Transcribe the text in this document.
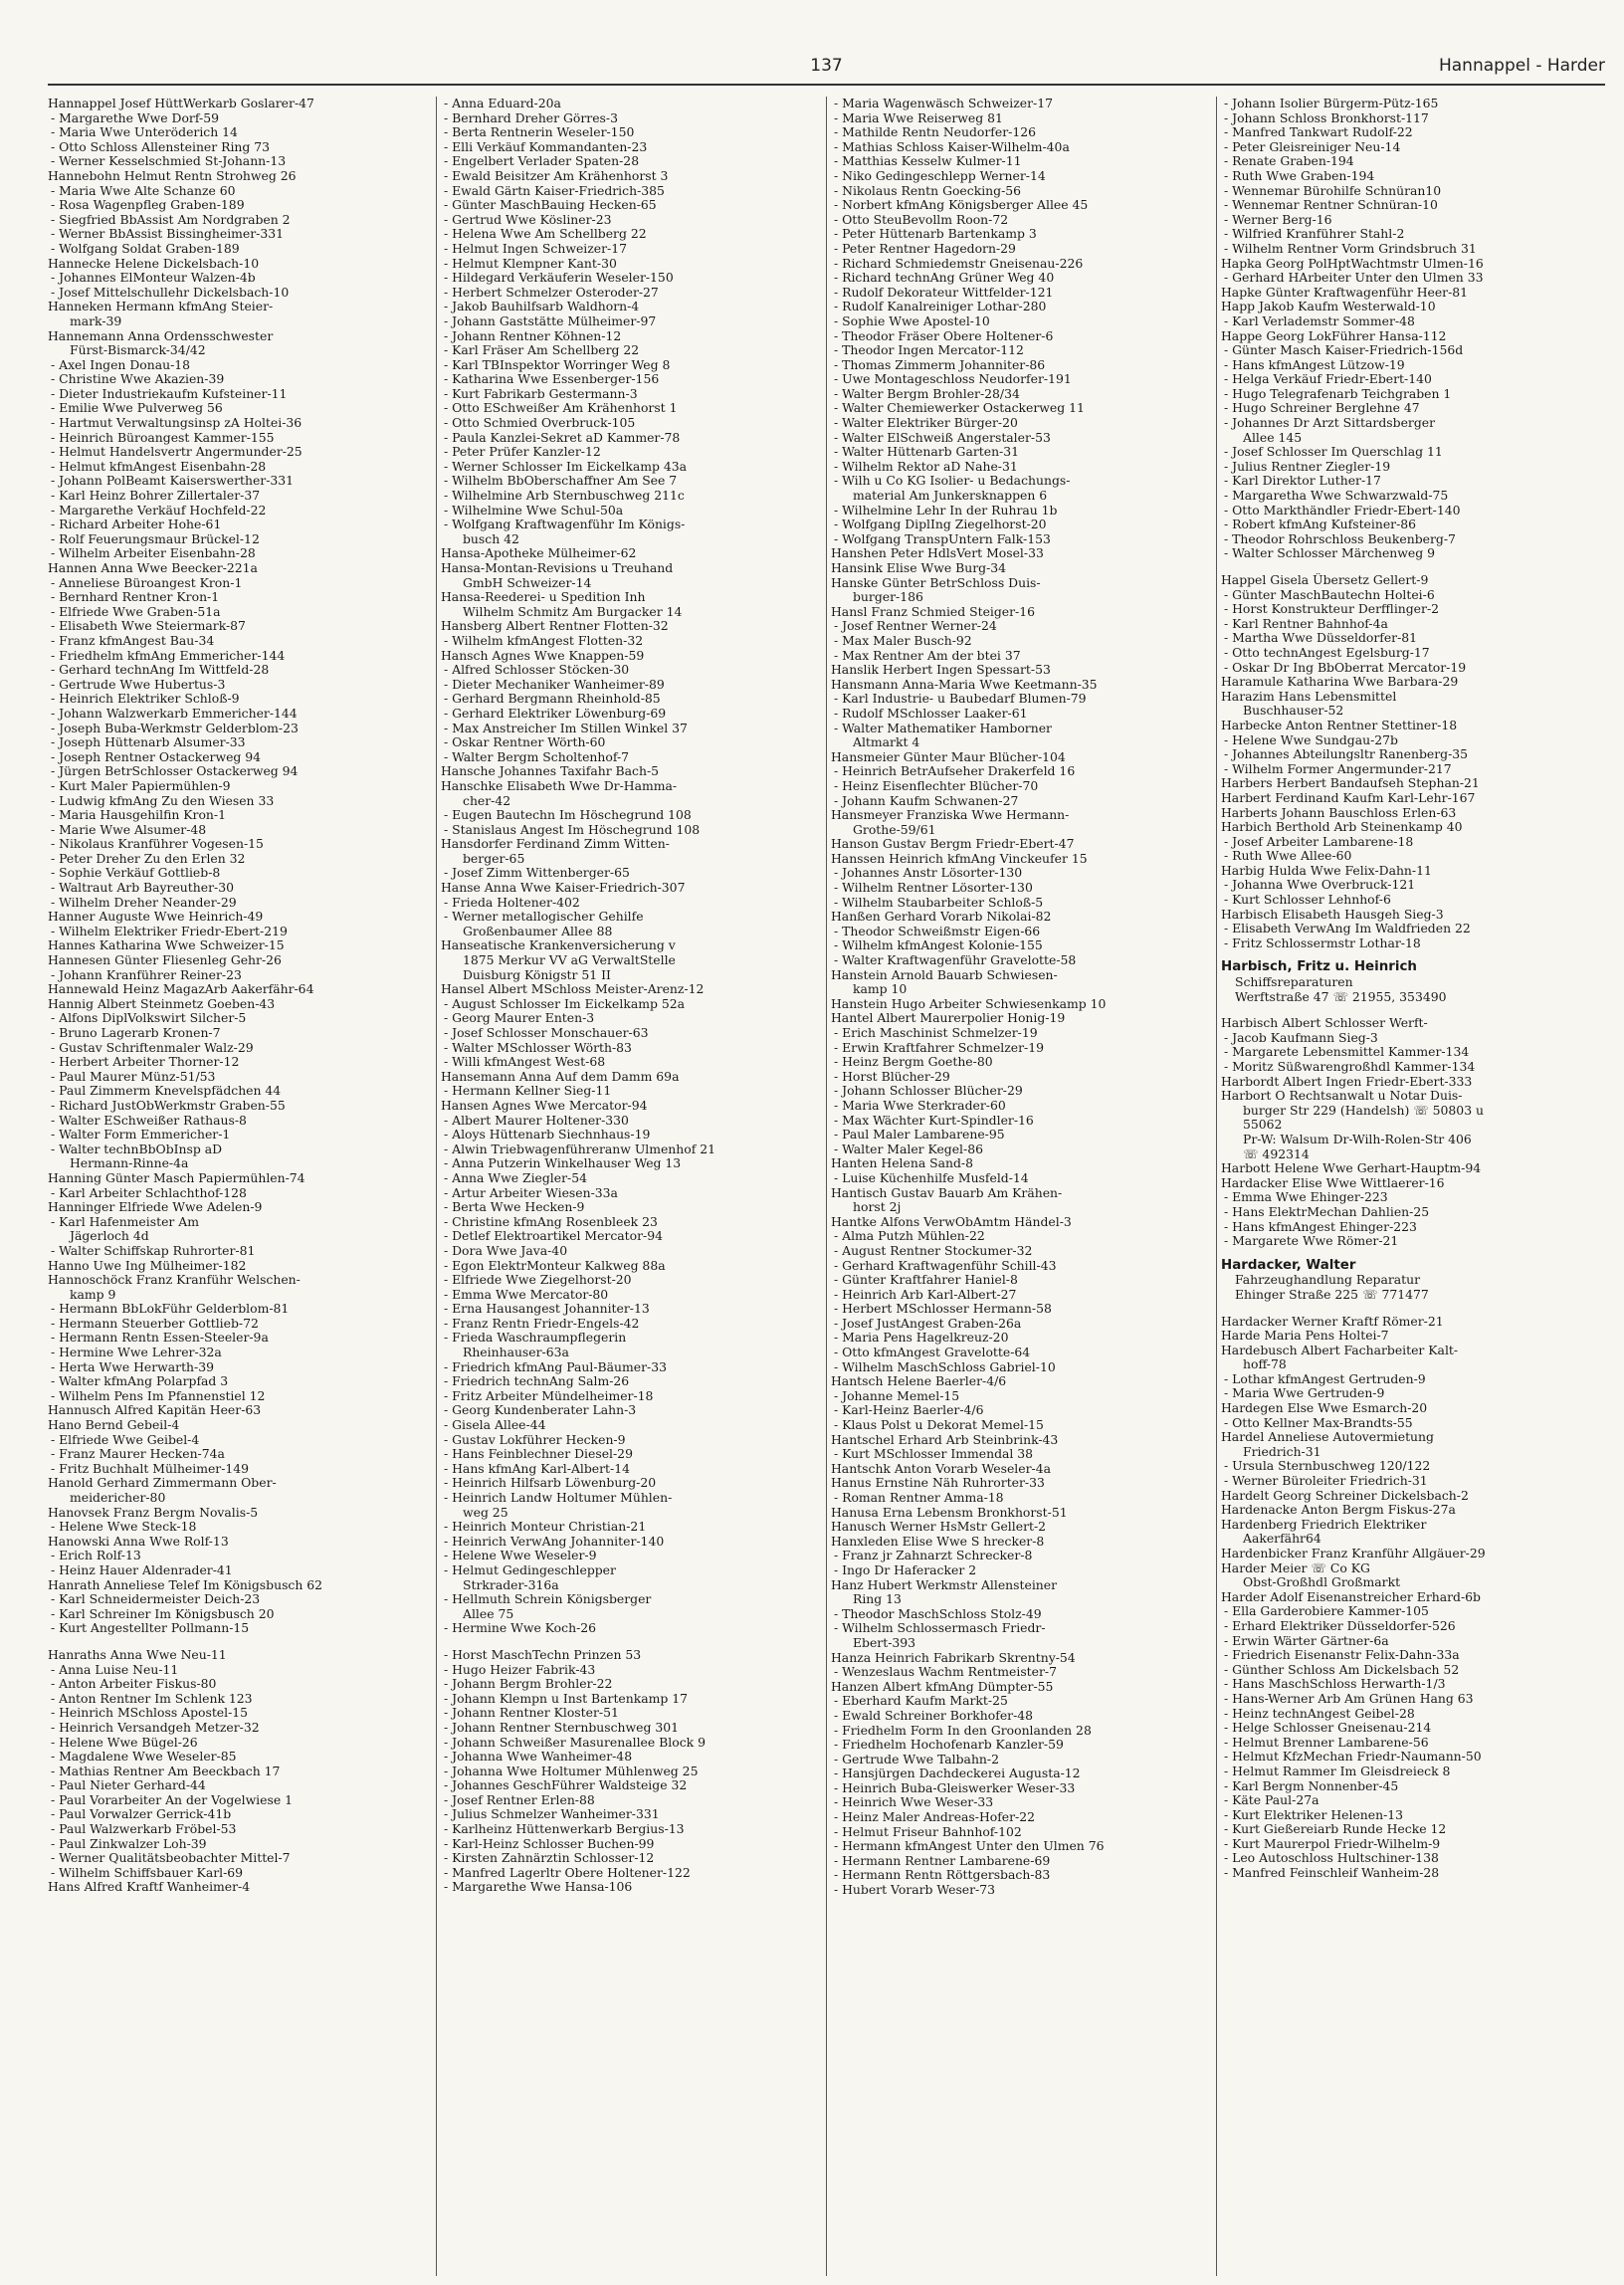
137	Hannappel - Harder
Hannappel Josef HüttWerkarb Goslarer-47
- Margarethe Wwe Dorf-59
- Maria Wwe Unteröderich 14
- Otto Schloss Allensteiner Ring 73
- Werner Kesselschmied St-Johann-13
Hannebohn Helmut Rentn Strohweg 26
- Maria Wwe Alte Schanze 60
- Rosa Wagenpfleg Graben-189
- Siegfried BbAssist Am Nordgraben 2
- Werner BbAssist Bissingheimer-331
- Wolfgang Soldat Graben-189
Hannecke Helene Dickelsbach-10
- Johannes ElMonteur Walzen-4b
- Josef Mittelschullehr Dickelsbach-10
Hanneken Hermann kfmAng Steier-
mark-39
Hannemann Anna Ordensschwester
Fürst-Bismarck-34/42
- Axel Ingen Donau-18
- Christine Wwe Akazien-39
- Dieter Industriekaufm Kufsteiner-11
- Emilie Wwe Pulverweg 56
- Hartmut Verwaltungsinsp zA Holtei-36
- Heinrich Büroangest Kammer-155
- Helmut Handelsvertr Angermunder-25
- Helmut kfmAngest Eisenbahn-28
- Johann PolBeamt Kaiserswerther-331
- Karl Heinz Bohrer Zillertaler-37
- Margarethe Verkäuf Hochfeld-22
- Richard Arbeiter Hohe-61
- Rolf Feuerungsmaur Brückel-12
- Wilhelm Arbeiter Eisenbahn-28
Hannen Anna Wwe Beecker-221a
- Anneliese Büroangest Kron-1
- Bernhard Rentner Kron-1
- Elfriede Wwe Graben-51a
- Elisabeth Wwe Steiermark-87
- Franz kfmAngest Bau-34
- Friedhelm kfmAng Emmericher-144
- Gerhard technAng Im Wittfeld-28
- Gertrude Wwe Hubertus-3
- Heinrich Elektriker Schloß-9
- Johann Walzwerkarb Emmericher-144
- Joseph Buba-Werkmstr Gelderblom-23
- Joseph Hüttenarb Alsumer-33
- Joseph Rentner Ostackerweg 94
- Jürgen BetrSchlosser Ostackerweg 94
- Kurt Maler Papiermühlen-9
- Ludwig kfmAng Zu den Wiesen 33
- Maria Hausgehilfin Kron-1
- Marie Wwe Alsumer-48
- Nikolaus Kranführer Vogesen-15
- Peter Dreher Zu den Erlen 32
- Sophie Verkäuf Gottlieb-8
- Waltraut Arb Bayreuther-30
- Wilhelm Dreher Neander-29
Hanner Auguste Wwe Heinrich-49
- Wilhelm Elektriker Friedr-Ebert-219
Hannes Katharina Wwe Schweizer-15
Hannesen Günter Fliesenleg Gehr-26
- Johann Kranführer Reiner-23
Hannewald Heinz MagazArb Aakerfähr-64
Hannig Albert Steinmetz Goeben-43
- Alfons DiplVolkswirt Silcher-5
- Bruno Lagerarb Kronen-7
- Gustav Schriftenmaler Walz-29
- Herbert Arbeiter Thorner-12
- Paul Maurer Münz-51/53
- Paul Zimmerm Knevelspfädchen 44
- Richard JustObWerkmstr Graben-55
- Walter ESchweißer Rathaus-8
- Walter Form Emmericher-1
- Walter technBbObInsp aD
Hermann-Rinne-4a
Hanning Günter Masch Papiermühlen-74
- Karl Arbeiter Schlachthof-128
Hanninger Elfriede Wwe Adelen-9
- Karl Hafenmeister Am
Jägerloch 4d
- Walter Schiffskap Ruhrorter-81
Hanno Uwe Ing Mülheimer-182
Hannoschöck Franz Kranführ Welschen-
kamp 9
- Hermann BbLokFühr Gelderblom-81
- Hermann Steuerber Gottlieb-72
- Hermann Rentn Essen-Steeler-9a
- Hermine Wwe Lehrer-32a
- Herta Wwe Herwarth-39
- Walter kfmAng Polarpfad 3
- Wilhelm Pens Im Pfannenstiel 12
Hannusch Alfred Kapitän Heer-63
Hano Bernd Gebeil-4
- Elfriede Wwe Geibel-4
- Franz Maurer Hecken-74a
- Fritz Buchhalt Mülheimer-149
Hanold Gerhard Zimmermann Ober-
meidericher-80
Hanovsek Franz Bergm Novalis-5
- Helene Wwe Steck-18
Hanowski Anna Wwe Rolf-13
- Erich Rolf-13
- Heinz Hauer Aldenrader-41
Hanrath Anneliese Telef Im Königsbusch 62
- Karl Schneidermeister Deich-23
- Karl Schreiner Im Königsbusch 20
- Kurt Angestellter Pollmann-15
Hanraths Anna Wwe Neu-11
- Anna Luise Neu-11
- Anton Arbeiter Fiskus-80
- Anton Rentner Im Schlenk 123
- Heinrich MSchloss Apostel-15
- Heinrich Versandgeh Metzer-32
- Helene Wwe Bügel-26
- Magdalene Wwe Weseler-85
- Mathias Rentner Am Beeckbach 17
- Paul Nieter Gerhard-44
- Paul Vorarbeiter An der Vogelwiese 1
- Paul Vorwalzer Gerrick-41b
- Paul Walzwerkarb Fröbel-53
- Paul Zinkwalzer Loh-39
- Werner Qualitätsbeobachter Mittel-7
- Wilhelm Schiffsbauer Karl-69
Hans Alfred Kraftf Wanheimer-4
- Anna Eduard-20a
- Bernhard Dreher Görres-3
- Berta Rentnerin Weseler-150
- Elli Verkäuf Kommandanten-23
- Engelbert Verlader Spaten-28
- Ewald Beisitzer Am Krähenhorst 3
- Ewald Gärtn Kaiser-Friedrich-385
- Günter MaschBauing Hecken-65
- Gertrud Wwe Kösliner-23
- Helena Wwe Am Schellberg 22
- Helmut Ingen Schweizer-17
- Helmut Klempner Kant-30
- Hildegard Verkäuferin Weseler-150
- Herbert Schmelzer Osteroder-27
- Jakob Bauhilfsarb Waldhorn-4
- Johann Gaststätte Mülheimer-97
- Johann Rentner Köhnen-12
- Karl Fräser Am Schellberg 22
- Karl TBInspektor Worringer Weg 8
- Katharina Wwe Essenberger-156
- Kurt Fabrikarb Gestermann-3
- Otto ESchweißer Am Krähenhorst 1
- Otto Schmied Overbruck-105
- Paula Kanzlei-Sekret aD Kammer-78
- Peter Prüfer Kanzler-12
- Werner Schlosser Im Eickelkamp 43a
- Wilhelm BbOberschaffner Am See 7
- Wilhelmine Arb Sternbuschweg 211c
- Wilhelmine Wwe Schul-50a
- Wolfgang Kraftwagenführ Im Königs-
busch 42
Hansa-Apotheke Mülheimer-62
Hansa-Montan-Revisions u Treuhand
GmbH Schweizer-14
Hansa-Reederei- u Spedition Inh
Wilhelm Schmitz Am Burgacker 14
Hansberg Albert Rentner Flotten-32
- Wilhelm kfmAngest Flotten-32
Hansch Agnes Wwe Knappen-59
- Alfred Schlosser Stöcken-30
- Dieter Mechaniker Wanheimer-89
- Gerhard Bergmann Rheinhold-85
- Gerhard Elektriker Löwenburg-69
- Max Anstreicher Im Stillen Winkel 37
- Oskar Rentner Wörth-60
- Walter Bergm Scholtenhof-7
Hansche Johannes Taxifahr Bach-5
Hanschke Elisabeth Wwe Dr-Hamma-
cher-42
- Eugen Bautechn Im Höschegrund 108
- Stanislaus Angest Im Höschegrund 108
Hansdorfer Ferdinand Zimm Witten-
berger-65
- Josef Zimm Wittenberger-65
Hanse Anna Wwe Kaiser-Friedrich-307
- Frieda Holtener-402
- Werner metallogischer Gehilfe
Großenbaumer Allee 88
Hanseatische Krankenversicherung v
1875 Merkur VV aG VerwaltStelle
Duisburg Königstr 51 II
Hansel Albert MSchloss Meister-Arenz-12
- August Schlosser Im Eickelkamp 52a
- Georg Maurer Enten-3
- Josef Schlosser Monschauer-63
- Walter MSchlosser Wörth-83
- Willi kfmAngest West-68
Hansemann Anna Auf dem Damm 69a
- Hermann Kellner Sieg-11
Hansen Agnes Wwe Mercator-94
- Albert Maurer Holtener-330
- Aloys Hüttenarb Siechnhaus-19
- Alwin Triebwagenführeranw Ulmenhof 21
- Anna Putzerin Winkelhauser Weg 13
- Anna Wwe Ziegler-54
- Artur Arbeiter Wiesen-33a
- Berta Wwe Hecken-9
- Christine kfmAng Rosenbleek 23
- Detlef Elektroartikel Mercator-94
- Dora Wwe Java-40
- Egon ElektrMonteur Kalkweg 88a
- Elfriede Wwe Ziegelhorst-20
- Emma Wwe Mercator-80
- Erna Hausangest Johanniter-13
- Franz Rentn Friedr-Engels-42
- Frieda Waschraumpflegerin
Rheinhauser-63a
- Friedrich kfmAng Paul-Bäumer-33
- Friedrich technAng Salm-26
- Fritz Arbeiter Mündelheimer-18
- Georg Kundenberater Lahn-3
- Gisela Allee-44
- Gustav Lokführer Hecken-9
- Hans Feinblechner Diesel-29
- Hans kfmAng Karl-Albert-14
- Heinrich Hilfsarb Löwenburg-20
- Heinrich Landw Holtumer Mühlen-
weg 25
- Heinrich Monteur Christian-21
- Heinrich VerwAng Johanniter-140
- Helene Wwe Weseler-9
- Helmut Gedingeschlepper
Strkrader-316a
- Hellmuth Schrein Königsberger
Allee 75
- Hermine Wwe Koch-26
- Horst MaschTechn Prinzen 53
- Hugo Heizer Fabrik-43
- Johann Bergm Brohler-22
- Johann Klempn u Inst Bartenkamp 17
- Johann Rentner Kloster-51
- Johann Rentner Sternbuschweg 301
- Johann Schweißer Masurenallee Block 9
- Johanna Wwe Wanheimer-48
- Johanna Wwe Holtumer Mühlenweg 25
- Johannes GeschFührer Waldsteige 32
- Josef Rentner Erlen-88
- Julius Schmelzer Wanheimer-331
- Karlheinz Hüttenwerkarb Bergius-13
- Karl-Heinz Schlosser Buchen-99
- Kirsten Zahnärztin Schlosser-12
- Manfred Lagerltr Obere Holtener-122
- Margarethe Wwe Hansa-106
- Maria Wagenwäsch Schweizer-17
- Maria Wwe Reiserweg 81
- Mathilde Rentn Neudorfer-126
- Mathias Schloss Kaiser-Wilhelm-40a
- Matthias Kesselw Kulmer-11
- Niko Gedingeschlepp Werner-14
- Nikolaus Rentn Goecking-56
- Norbert kfmAng Königsberger Allee 45
- Otto SteuBevollm Roon-72
- Peter Hüttenarb Bartenkamp 3
- Peter Rentner Hagedorn-29
- Richard Schmiedemstr Gneisenau-226
- Richard technAng Grüner Weg 40
- Rudolf Dekorateur Wittfelder-121
- Rudolf Kanalreiniger Lothar-280
- Sophie Wwe Apostel-10
- Theodor Fräser Obere Holtener-6
- Theodor Ingen Mercator-112
- Thomas Zimmerm Johanniter-86
- Uwe Montageschloss Neudorfer-191
- Walter Bergm Brohler-28/34
- Walter Chemiewerker Ostackerweg 11
- Walter Elektriker Bürger-20
- Walter ElSchweiß Angerstaler-53
- Walter Hüttenarb Garten-31
- Wilhelm Rektor aD Nahe-31
- Wilh u Co KG Isolier- u Bedachungs-
material Am Junkersknappen 6
- Wilhelmine Lehr In der Ruhrau 1b
- Wolfgang DiplIng Ziegelhorst-20
- Wolfgang TranspUntern Falk-153
Hanshen Peter HdlsVert Mosel-33
Hansink Elise Wwe Burg-34
Hanske Günter BetrSchloss Duis-
burger-186
Hansl Franz Schmied Steiger-16
- Josef Rentner Werner-24
- Max Maler Busch-92
- Max Rentner Am der btei 37
Hanslik Herbert Ingen Spessart-53
Hansmann Anna-Maria Wwe Keetmann-35
- Karl Industrie- u Baubedarf Blumen-79
- Rudolf MSchlosser Laaker-61
- Walter Mathematiker Hamborner
Altmarkt 4
Hansmeier Günter Maur Blücher-104
- Heinrich BetrAufseher Drakerfeld 16
- Heinz Eisenflechter Blücher-70
- Johann Kaufm Schwanen-27
Hansmeyer Franziska Wwe Hermann-
Grothe-59/61
Hanson Gustav Bergm Friedr-Ebert-47
Hanssen Heinrich kfmAng Vinckeufer 15
- Johannes Anstr Lösorter-130
- Wilhelm Rentner Lösorter-130
- Wilhelm Staubarbeiter Schloß-5
Hanßen Gerhard Vorarb Nikolai-82
- Theodor Schweißmstr Eigen-66
- Wilhelm kfmAngest Kolonie-155
- Walter Kraftwagenführ Gravelotte-58
Hanstein Arnold Bauarb Schwiesen-
kamp 10
Hanstein Hugo Arbeiter Schwiesenkamp 10
Hantel Albert Maurerpolier Honig-19
- Erich Maschinist Schmelzer-19
- Erwin Kraftfahrer Schmelzer-19
- Heinz Bergm Goethe-80
- Horst Blücher-29
- Johann Schlosser Blücher-29
- Maria Wwe Sterkrader-60
- Max Wächter Kurt-Spindler-16
- Paul Maler Lambarene-95
- Walter Maler Kegel-86
Hanten Helena Sand-8
- Luise Küchenhilfe Musfeld-14
Hantisch Gustav Bauarb Am Krähen-
horst 2j
Hantke Alfons VerwObAmtm Händel-3
- Alma Putzh Mühlen-22
- August Rentner Stockumer-32
- Gerhard Kraftwagenführ Schill-43
- Günter Kraftfahrer Haniel-8
- Heinrich Arb Karl-Albert-27
- Herbert MSchlosser Hermann-58
- Josef JustAngest Graben-26a
- Maria Pens Hagelkreuz-20
- Otto kfmAngest Gravelotte-64
- Wilhelm MaschSchloss Gabriel-10
Hantsch Helene Baerler-4/6
- Johanne Memel-15
- Karl-Heinz Baerler-4/6
- Klaus Polst u Dekorat Memel-15
Hantschel Erhard Arb Steinbrink-43
- Kurt MSchlosser Immendal 38
Hantschk Anton Vorarb Weseler-4a
Hanus Ernstine Näh Ruhrorter-33
- Roman Rentner Amma-18
Hanusa Erna Lebensm Bronkhorst-51
Hanusch Werner HsMstr Gellert-2
Hanxleden Elise Wwe S hrecker-8
- Franz jr Zahnarzt Schrecker-8
- Ingo Dr Haferacker 2
Hanz Hubert Werkmstr Allensteiner
Ring 13
- Theodor MaschSchloss Stolz-49
- Wilhelm Schlossermasch Friedr-
Ebert-393
Hanza Heinrich Fabrikarb Skrentny-54
- Wenzeslaus Wachm Rentmeister-7
Hanzen Albert kfmAng Dümpter-55
- Eberhard Kaufm Markt-25
- Ewald Schreiner Borkhofer-48
- Friedhelm Form In den Groonlanden 28
- Friedhelm Hochofenarb Kanzler-59
- Gertrude Wwe Talbahn-2
- Hansjürgen Dachdeckerei Augusta-12
- Heinrich Buba-Gleiswerker Weser-33
- Heinrich Wwe Weser-33
- Heinz Maler Andreas-Hofer-22
- Helmut Friseur Bahnhof-102
- Hermann kfmAngest Unter den Ulmen 76
- Hermann Rentner Lambarene-69
- Hermann Rentn Röttgersbach-83
- Hubert Vorarb Weser-73
- Johann Isolier Bürgerm-Pütz-165
- Johann Schloss Bronkhorst-117
- Manfred Tankwart Rudolf-22
- Peter Gleisreiniger Neu-14
- Renate Graben-194
- Ruth Wwe Graben-194
- Wennemar Bürohilfe Schnüran10
- Wennemar Rentner Schnüran-10
- Werner Berg-16
- Wilfried Kranführer Stahl-2
- Wilhelm Rentner Vorm Grindsbruch 31
Hapka Georg PolHptWachtmstr Ulmen-16
- Gerhard HArbeiter Unter den Ulmen 33
Hapke Günter Kraftwagenführ Heer-81
Happ Jakob Kaufm Westerwald-10
- Karl Verlademstr Sommer-48
Happe Georg LokFührer Hansa-112
- Günter Masch Kaiser-Friedrich-156d
- Hans kfmAngest Lützow-19
- Helga Verkäuf Friedr-Ebert-140
- Hugo Telegrafenarb Teichgraben 1
- Hugo Schreiner Berglehne 47
- Johannes Dr Arzt Sittardsberger
Allee 145
- Josef Schlosser Im Querschlag 11
- Julius Rentner Ziegler-19
- Karl Direktor Luther-17
- Margaretha Wwe Schwarzwald-75
- Otto Markthändler Friedr-Ebert-140
- Robert kfmAng Kufsteiner-86
- Theodor Rohrschloss Beukenberg-7
- Walter Schlosser Märchenweg 9
Happel Gisela Übersetz Gellert-9
- Günter MaschBautechn Holtei-6
- Horst Konstrukteur Derfflinger-2
- Karl Rentner Bahnhof-4a
- Martha Wwe Düsseldorfer-81
- Otto technAngest Egelsburg-17
- Oskar Dr Ing BbOberrat Mercator-19
Haramule Katharina Wwe Barbara-29
Harazim Hans Lebensmittel
Buschhauser-52
Harbecke Anton Rentner Stettiner-18
- Helene Wwe Sundgau-27b
- Johannes Abteilungsltr Ranenberg-35
- Wilhelm Former Angermunder-217
Harbers Herbert Bandaufseh Stephan-21
Harbert Ferdinand Kaufm Karl-Lehr-167
Harberts Johann Bauschloss Erlen-63
Harbich Berthold Arb Steinenkamp 40
- Josef Arbeiter Lambarene-18
- Ruth Wwe Allee-60
Harbig Hulda Wwe Felix-Dahn-11
- Johanna Wwe Overbruck-121
- Kurt Schlosser Lehnhof-6
Harbisch Elisabeth Hausgeh Sieg-3
- Elisabeth VerwAng Im Waldfrieden 22
- Fritz Schlossermstr Lothar-18
Harbisch, Fritz u. Heinrich
Schiffsreparaturen
Werftstraße 47 ☏ 21955, 353490
Harbisch Albert Schlosser Werft-
- Jacob Kaufmann Sieg-3
- Margarete Lebensmittel Kammer-134
- Moritz Süßwarengroßhdl Kammer-134
Harbordt Albert Ingen Friedr-Ebert-333
Harbort O Rechtsanwalt u Notar Duis-
burger Str 229 (Handelsh) ☏ 50803 u
55062
Pr-W: Walsum Dr-Wilh-Rolen-Str 406
☏ 492314
Harbott Helene Wwe Gerhart-Hauptm-94
Hardacker Elise Wwe Wittlaerer-16
- Emma Wwe Ehinger-223
- Hans ElektrMechan Dahlien-25
- Hans kfmAngest Ehinger-223
- Margarete Wwe Römer-21
Hardacker, Walter
Fahrzeughandlung Reparatur
Ehinger Straße 225 ☏ 771477
Hardacker Werner Kraftf Römer-21
Harde Maria Pens Holtei-7
Hardebusch Albert Facharbeiter Kalt-
hoff-78
- Lothar kfmAngest Gertruden-9
- Maria Wwe Gertruden-9
Hardegen Else Wwe Esmarch-20
- Otto Kellner Max-Brandts-55
Hardel Anneliese Autovermietung
Friedrich-31
- Ursula Sternbuschweg 120/122
- Werner Büroleiter Friedrich-31
Hardelt Georg Schreiner Dickelsbach-2
Hardenacke Anton Bergm Fiskus-27a
Hardenberg Friedrich Elektriker
Aakerfähr64
Hardenbicker Franz Kranführ Allgäuer-29
Harder Meier ☏ Co KG
Obst-Großhdl Großmarkt
Harder Adolf Eisenanstreicher Erhard-6b
- Ella Garderobiere Kammer-105
- Erhard Elektriker Düsseldorfer-526
- Erwin Wärter Gärtner-6a
- Friedrich Eisenanstr Felix-Dahn-33a
- Günther Schloss Am Dickelsbach 52
- Hans MaschSchloss Herwarth-1/3
- Hans-Werner Arb Am Grünen Hang 63
- Heinz technAngest Geibel-28
- Helge Schlosser Gneisenau-214
- Helmut Brenner Lambarene-56
- Helmut KfzMechan Friedr-Naumann-50
- Helmut Rammer Im Gleisdreieck 8
- Karl Bergm Nonnenber-45
- Käte Paul-27a
- Kurt Elektriker Helenen-13
- Kurt Gießereiarb Runde Hecke 12
- Kurt Maurerpol Friedr-Wilhelm-9
- Leo Autoschloss Hultschiner-138
- Manfred Feinschleif Wanheim-28
